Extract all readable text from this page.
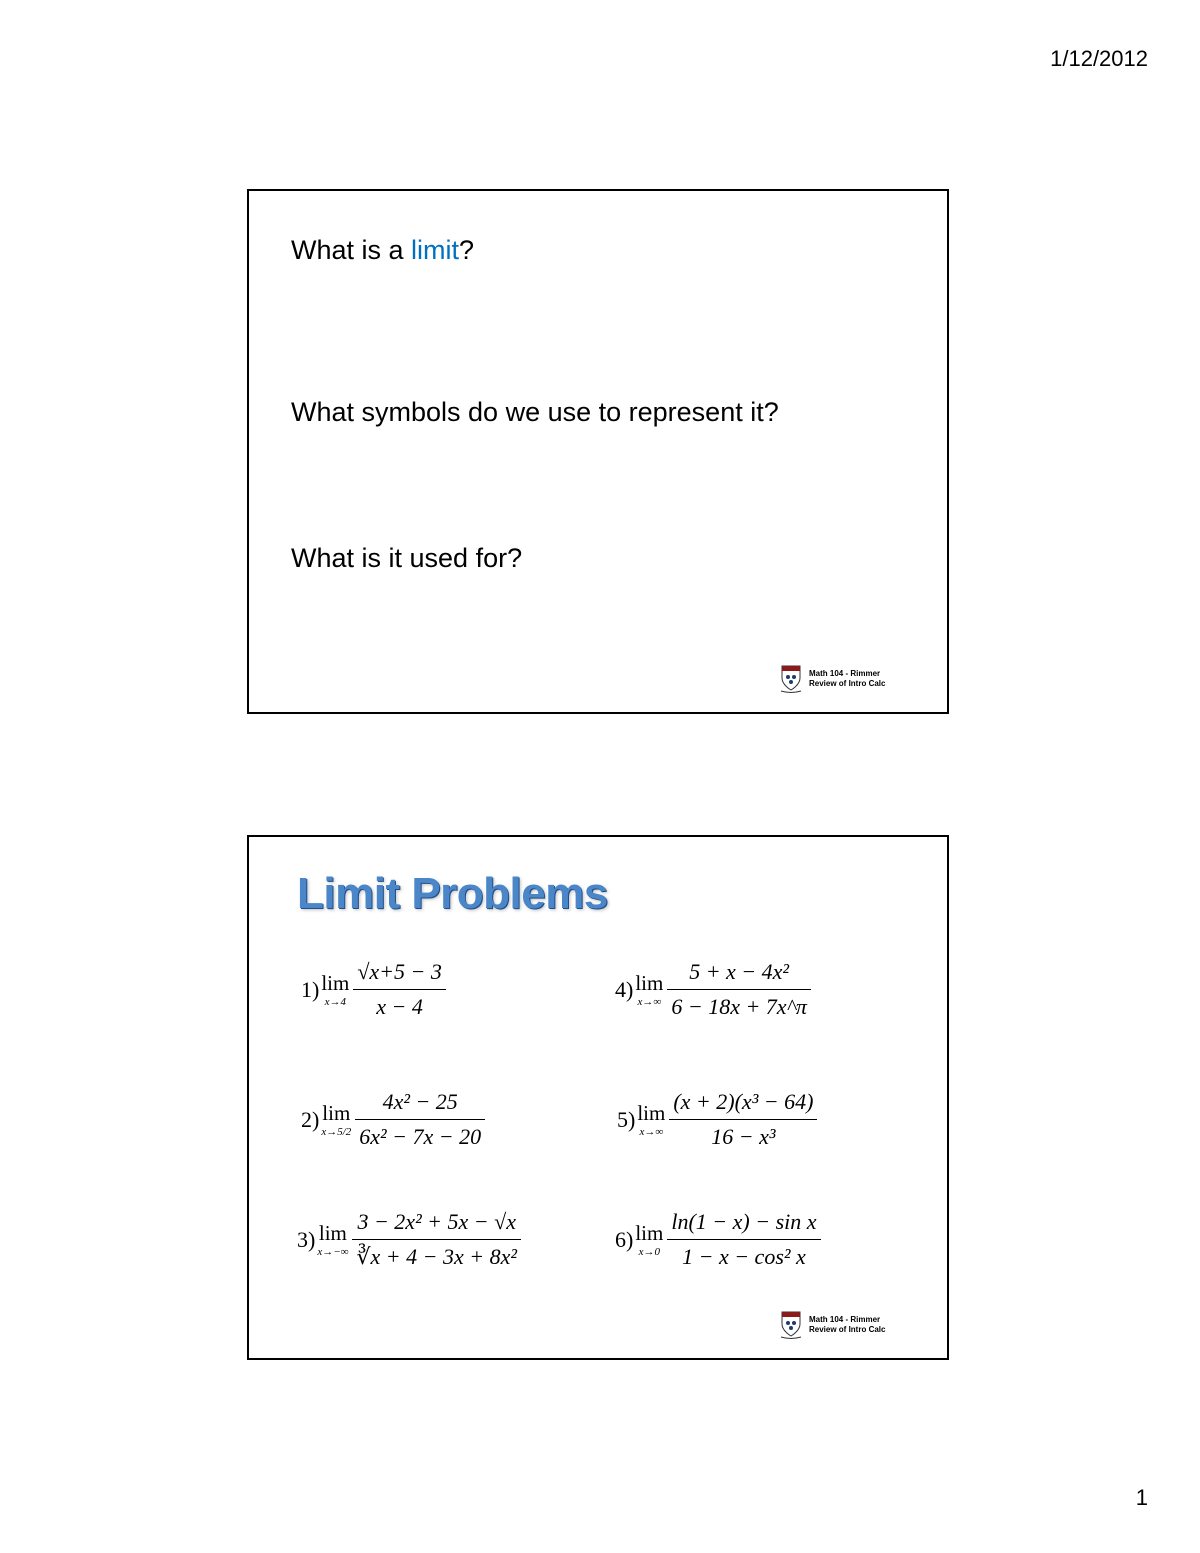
1/12/2012
What is a limit?
What symbols do we use to represent it?
What is it used for?
Math 104 - Rimmer
Review of Intro Calc
Limit Problems
1) lim
$x\to 4 \frac{√x+5 - 3}{x - 4}$
2) lim
$x\to 5/2 \frac{\text{4x² − 25}}{\text{6x² − 7x − 20}}$
3) lim
$x\to-\infty \frac{\text{3 − 2x² + 5x − √x}}{\text{∛x + 4 − 3x + 8x²}}$
4) lim
$x\to\infty \frac{\text{5 + x − 4x²}}{6 - 18x + 7x\^{}\pi}$
5) lim
$x\to\infty \frac{\text{(x + 2)(x³ − 64)}}{\text{16 − x³}}$
6) lim
$x\to 0 \frac{\text{ln(1 − x) − sin x}}{\text{1 − x − cos² x}}$
Math 104 - Rimmer
Review of Intro Calc
1
